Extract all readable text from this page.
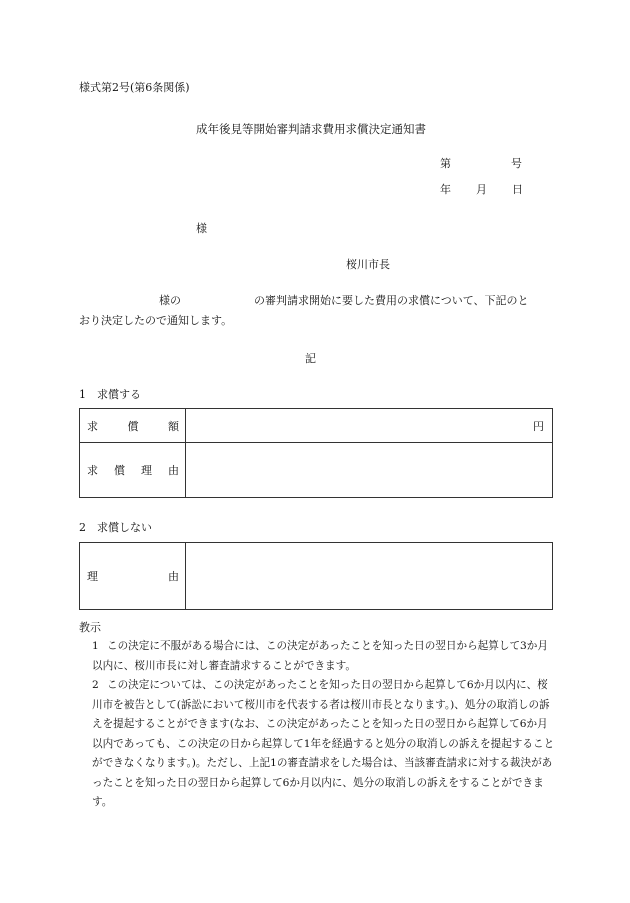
様式第2号(第6条関係)
成年後見等開始審判請求費用求償決定通知書
第	号
年 月 日
様
桜川市長
様の	の審判請求開始に要した費用の求償について、下記のと
おり決定したので通知します。
記
1　求償する
求 償 額	円

求 償 理 由	

2　求償しない
理	由

教示
1 この決定に不服がある場合には、この決定があったことを知った日の翌日から起算して3か月以内に、桜川市長に対し審査請求することができます。
2 この決定については、この決定があったことを知った日の翌日から起算して6か月以内に、桜川市を被告として(訴訟において桜川市を代表する者は桜川市長となります。)、処分の取消しの訴えを提起することができます(なお、この決定があったことを知った日の翌日から起算して6か月以内であっても、この決定の日から起算して1年を経過すると処分の取消しの訴えを提起することができなくなります。)。ただし、上記1の審査請求をした場合は、当該審査請求に対する裁決があったことを知った日の翌日から起算して6か月以内に、処分の取消しの訴えをすることができます。
